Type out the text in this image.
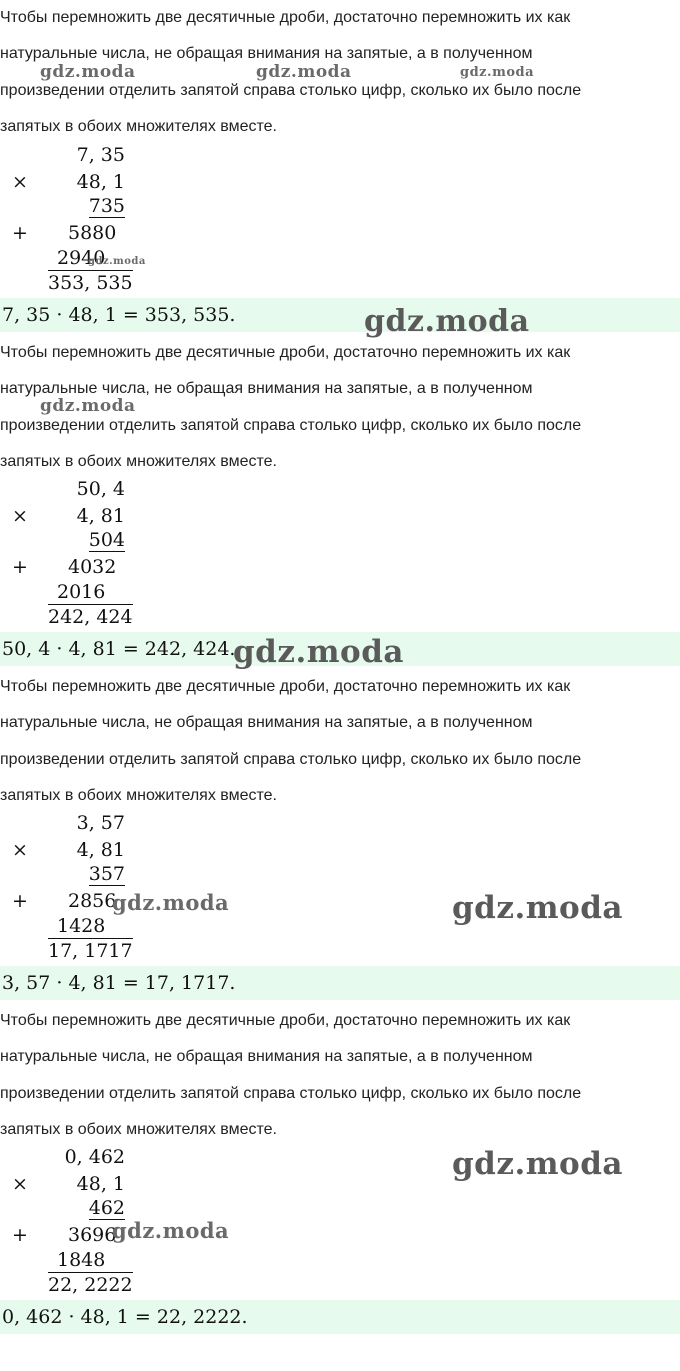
Чтобы перемножить две десятичные дроби, достаточно перемножить их как
натуральные числа, не обращая внимания на запятые, а в полученном
произведении отделить запятой справа столько цифр, сколько их было после
запятых в обоих множителях вместе.
7, 35
×	48, 1
735
+ 5880
2940
353, 535
7, 35 · 48, 1 = 353, 535.
Чтобы перемножить две десятичные дроби, достаточно перемножить их как
натуральные числа, не обращая внимания на запятые, а в полученном
произведении отделить запятой справа столько цифр, сколько их было после
запятых в обоих множителях вместе.
50, 4
×	4, 81
504
+ 4032
2016
242, 424
50, 4 · 4, 81 = 242, 424.
Чтобы перемножить две десятичные дроби, достаточно перемножить их как
натуральные числа, не обращая внимания на запятые, а в полученном
произведении отделить запятой справа столько цифр, сколько их было после
запятых в обоих множителях вместе.
3, 57
×	4, 81
357
+ 2856
1428
17, 1717
3, 57 · 4, 81 = 17, 1717.
Чтобы перемножить две десятичные дроби, достаточно перемножить их как
натуральные числа, не обращая внимания на запятые, а в полученном
произведении отделить запятой справа столько цифр, сколько их было после
запятых в обоих множителях вместе.
0, 462
×	48, 1
462
+ 3696
1848
22, 2222
0, 462 · 48, 1 = 22, 2222.
gdz.moda	gdz.moda	gdz.moda
gdz.moda
gdz.moda
gdz.moda
gdz.moda
gdz.moda	gdz.moda
gdz.moda
gdz.moda
